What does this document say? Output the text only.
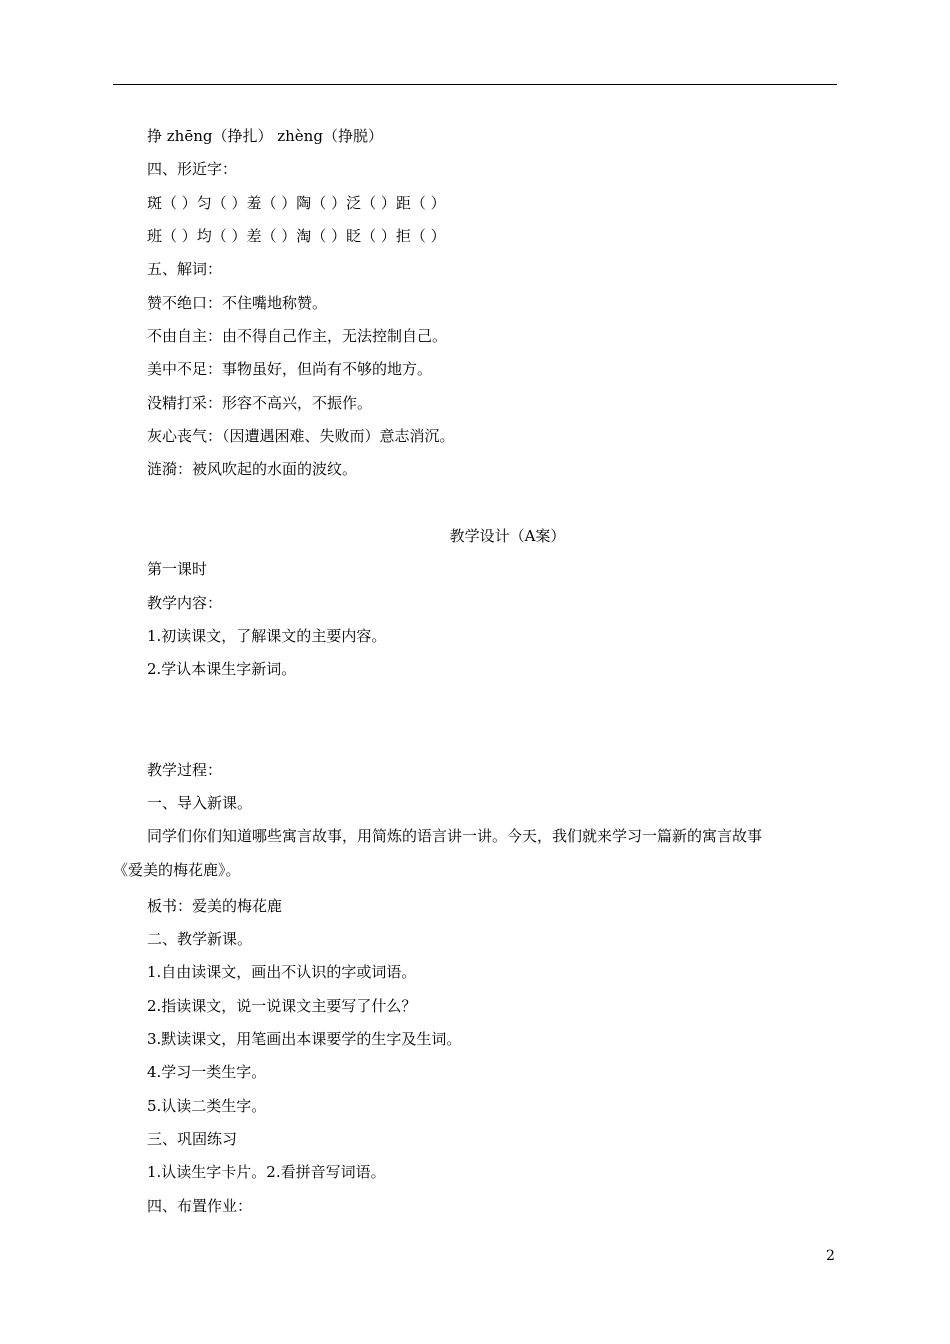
挣 zhēng（挣扎） zhèng（挣脱）
四、形近字：
斑（ ）匀（ ）羞（ ）陶（ ）泛（ ）距（ ）
班（ ）均（ ）差（ ）淘（ ）眨（ ）拒（ ）
五、解词：
赞不绝口：不住嘴地称赞。
不由自主：由不得自己作主，无法控制自己。
美中不足：事物虽好，但尚有不够的地方。
没精打采：形容不高兴，不振作。
灰心丧气：（因遭遇困难、失败而）意志消沉。
涟漪：被风吹起的水面的波纹。
教学设计（A案）
第一课时
教学内容：
1.初读课文，了解课文的主要内容。
2.学认本课生字新词。
教学过程：
一、导入新课。
同学们你们知道哪些寓言故事，用简炼的语言讲一讲。今天，我们就来学习一篇新的寓言故事
《爱美的梅花鹿》。
板书：爱美的梅花鹿
二、教学新课。
1.自由读课文，画出不认识的字或词语。
2.指读课文，说一说课文主要写了什么？
3.默读课文，用笔画出本课要学的生字及生词。
4.学习一类生字。
5.认读二类生字。
三、巩固练习
1.认读生字卡片。2.看拼音写词语。
四、布置作业：
2
